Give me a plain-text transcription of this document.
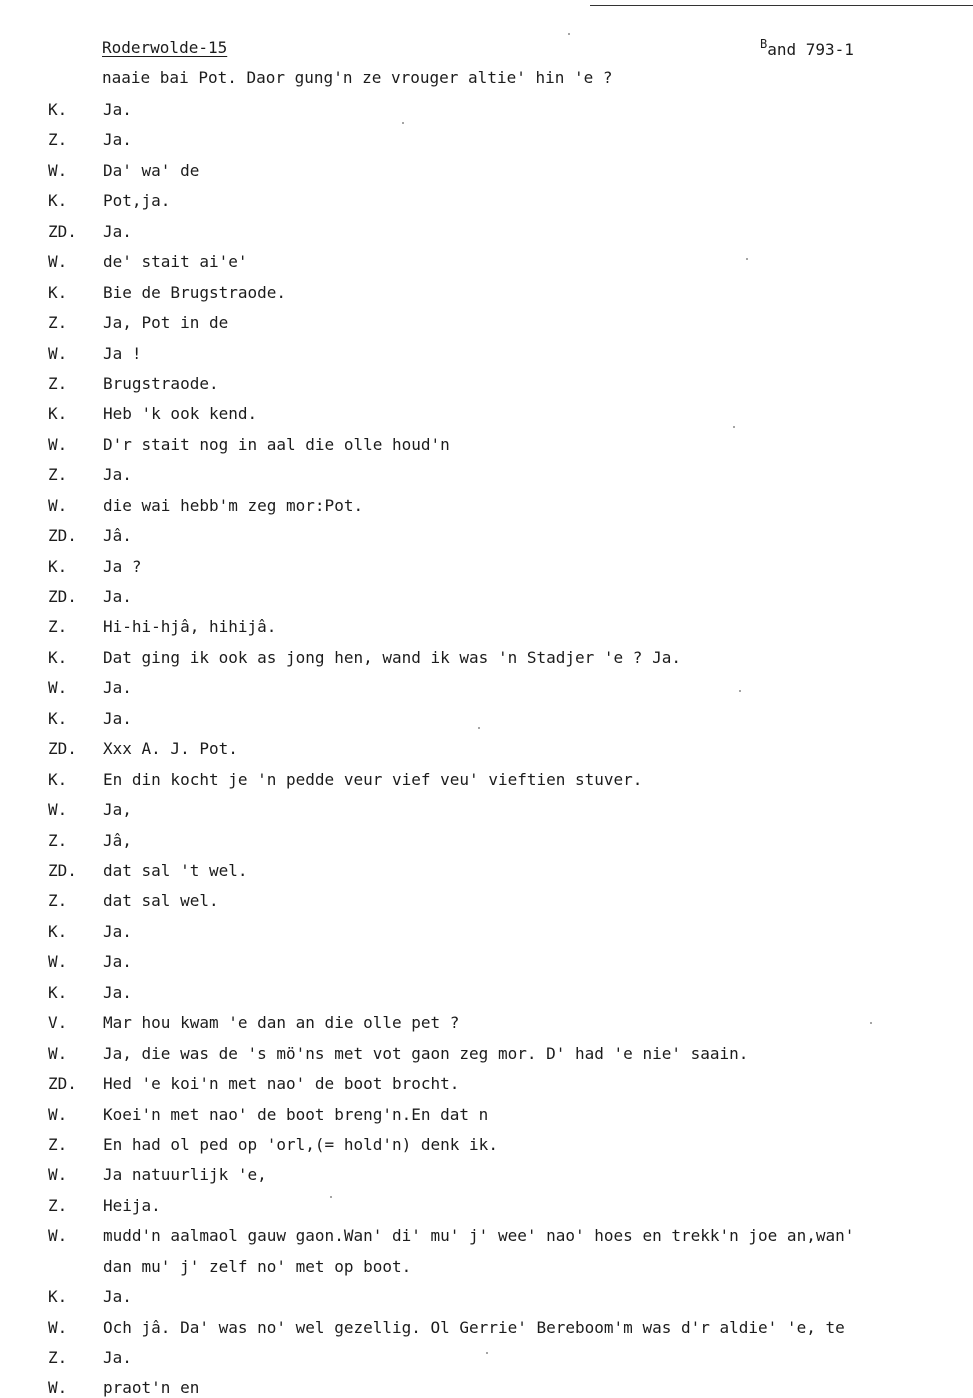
Roderwolde-15	Band 793-1
naaie bai Pot. Daor gung'n ze vrouger altie' hin 'e ?
K. Ja.
Z. Ja.
W. Da' wa' de
K. Pot,ja.
ZD. Ja.
W. de' stait ai'e'
K. Bie de Brugstraode.
Z. Ja, Pot in de
W. Ja !
Z. Brugstraode.
K. Heb 'k ook kend.
W. D'r stait nog in aal die olle houd'n
Z. Ja.
W. die wai hebb'm zeg mor:Pot.
ZD. Jâ.
K. Ja ?
ZD. Ja.
Z. Hi-hi-hjâ, hihijâ.
K. Dat ging ik ook as jong hen, wand ik was 'n Stadjer 'e ? Ja.
W. Ja.
K. Ja.
ZD. Xxx A. J. Pot.
K. En din kocht je 'n pedde veur vief veu' vieftien stuver.
W. Ja,
Z. Jâ,
ZD. dat sal 't wel.
Z. dat sal wel.
K. Ja.
W. Ja.
K. Ja.
V. Mar hou kwam 'e dan an die olle pet ?
W. Ja, die was de 's mö'ns met vot gaon zeg mor. D' had 'e nie' saain.
ZD. Hed 'e koi'n met nao' de boot brocht.
W. Koei'n met nao' de boot breng'n.En dat n
Z. En had ol ped op 'orl,(= hold'n) denk ik.
W. Ja natuurlijk 'e,
Z. Heija.
W. mudd'n aalmaol gauw gaon.Wan' di' mu' j' wee' nao' hoes en trekk'n joe an,wan'
dan mu' j' zelf no' met op boot.
K. Ja.
W. Och jâ. Da' was no' wel gezellig. Ol Gerrie' Bereboom'm was d'r aldie' 'e, te
Z. Ja.
W. praot'n en
